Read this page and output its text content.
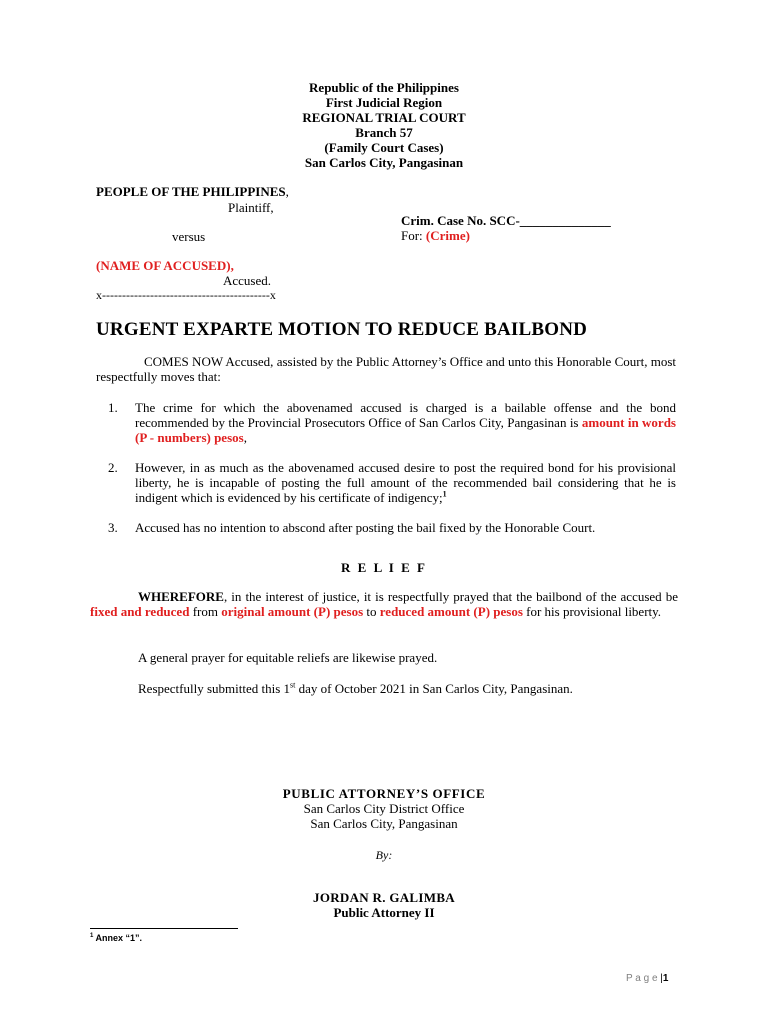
Republic of the Philippines
First Judicial Region
REGIONAL TRIAL COURT
Branch 57
(Family Court Cases)
San Carlos City, Pangasinan
PEOPLE OF THE PHILIPPINES,
Plaintiff,
Crim. Case No. SCC-______________
For: (Crime)
versus
(NAME OF ACCUSED),
Accused.
x------------------------------------------x
URGENT EXPARTE MOTION TO REDUCE BAILBOND
COMES NOW Accused, assisted by the Public Attorney’s Office and unto this Honorable Court, most respectfully moves that:
1. The crime for which the abovenamed accused is charged is a bailable offense and the bond recommended by the Provincial Prosecutors Office of San Carlos City, Pangasinan is amount in words (P - numbers) pesos,
2. However, in as much as the abovenamed accused desire to post the required bond for his provisional liberty, he is incapable of posting the full amount of the recommended bail considering that he is indigent which is evidenced by his certificate of indigency;$^1$
3. Accused has no intention to abscond after posting the bail fixed by the Honorable Court.
R E L I E F
WHEREFORE, in the interest of justice, it is respectfully prayed that the bailbond of the accused be fixed and reduced from original amount (P) pesos to reduced amount (P) pesos for his provisional liberty.
A general prayer for equitable reliefs are likewise prayed.
Respectfully submitted this 1st day of October 2021 in San Carlos City, Pangasinan.
PUBLIC ATTORNEY’S OFFICE
San Carlos City District Office
San Carlos City, Pangasinan
By:
JORDAN R. GALIMBA
Public Attorney II
$^1$ Annex “1”.
P a g e |1
